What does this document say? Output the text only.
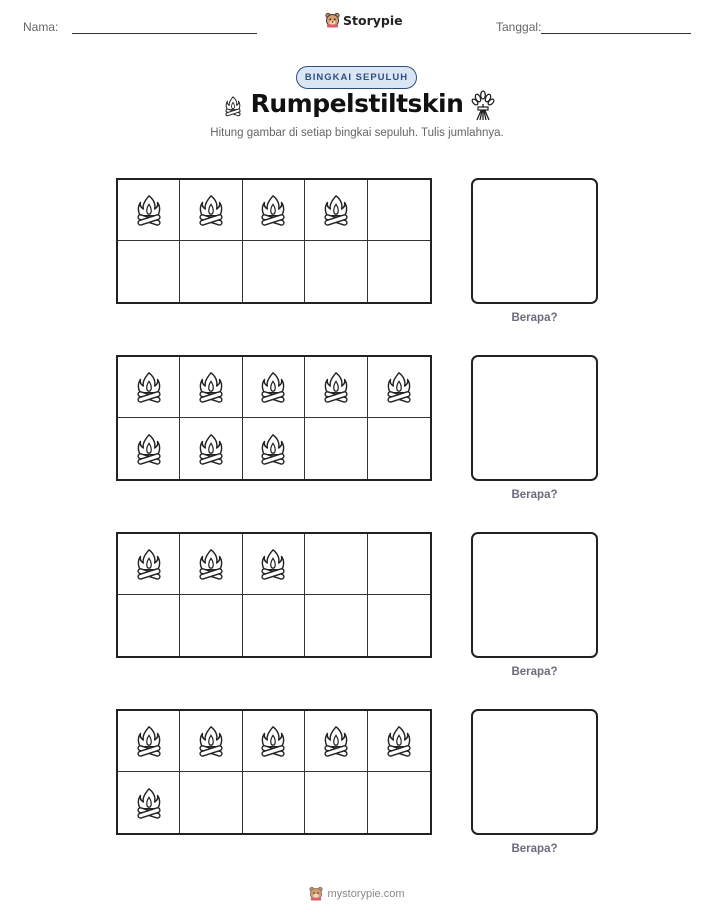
Nama:	Storypie	Tanggal:
BINGKAI SEPULUH
Rumpelstiltskin
Hitung gambar di setiap bingkai sepuluh. Tulis jumlahnya.
Berapa?
Berapa?
Berapa?
Berapa?
mystorypie.com
